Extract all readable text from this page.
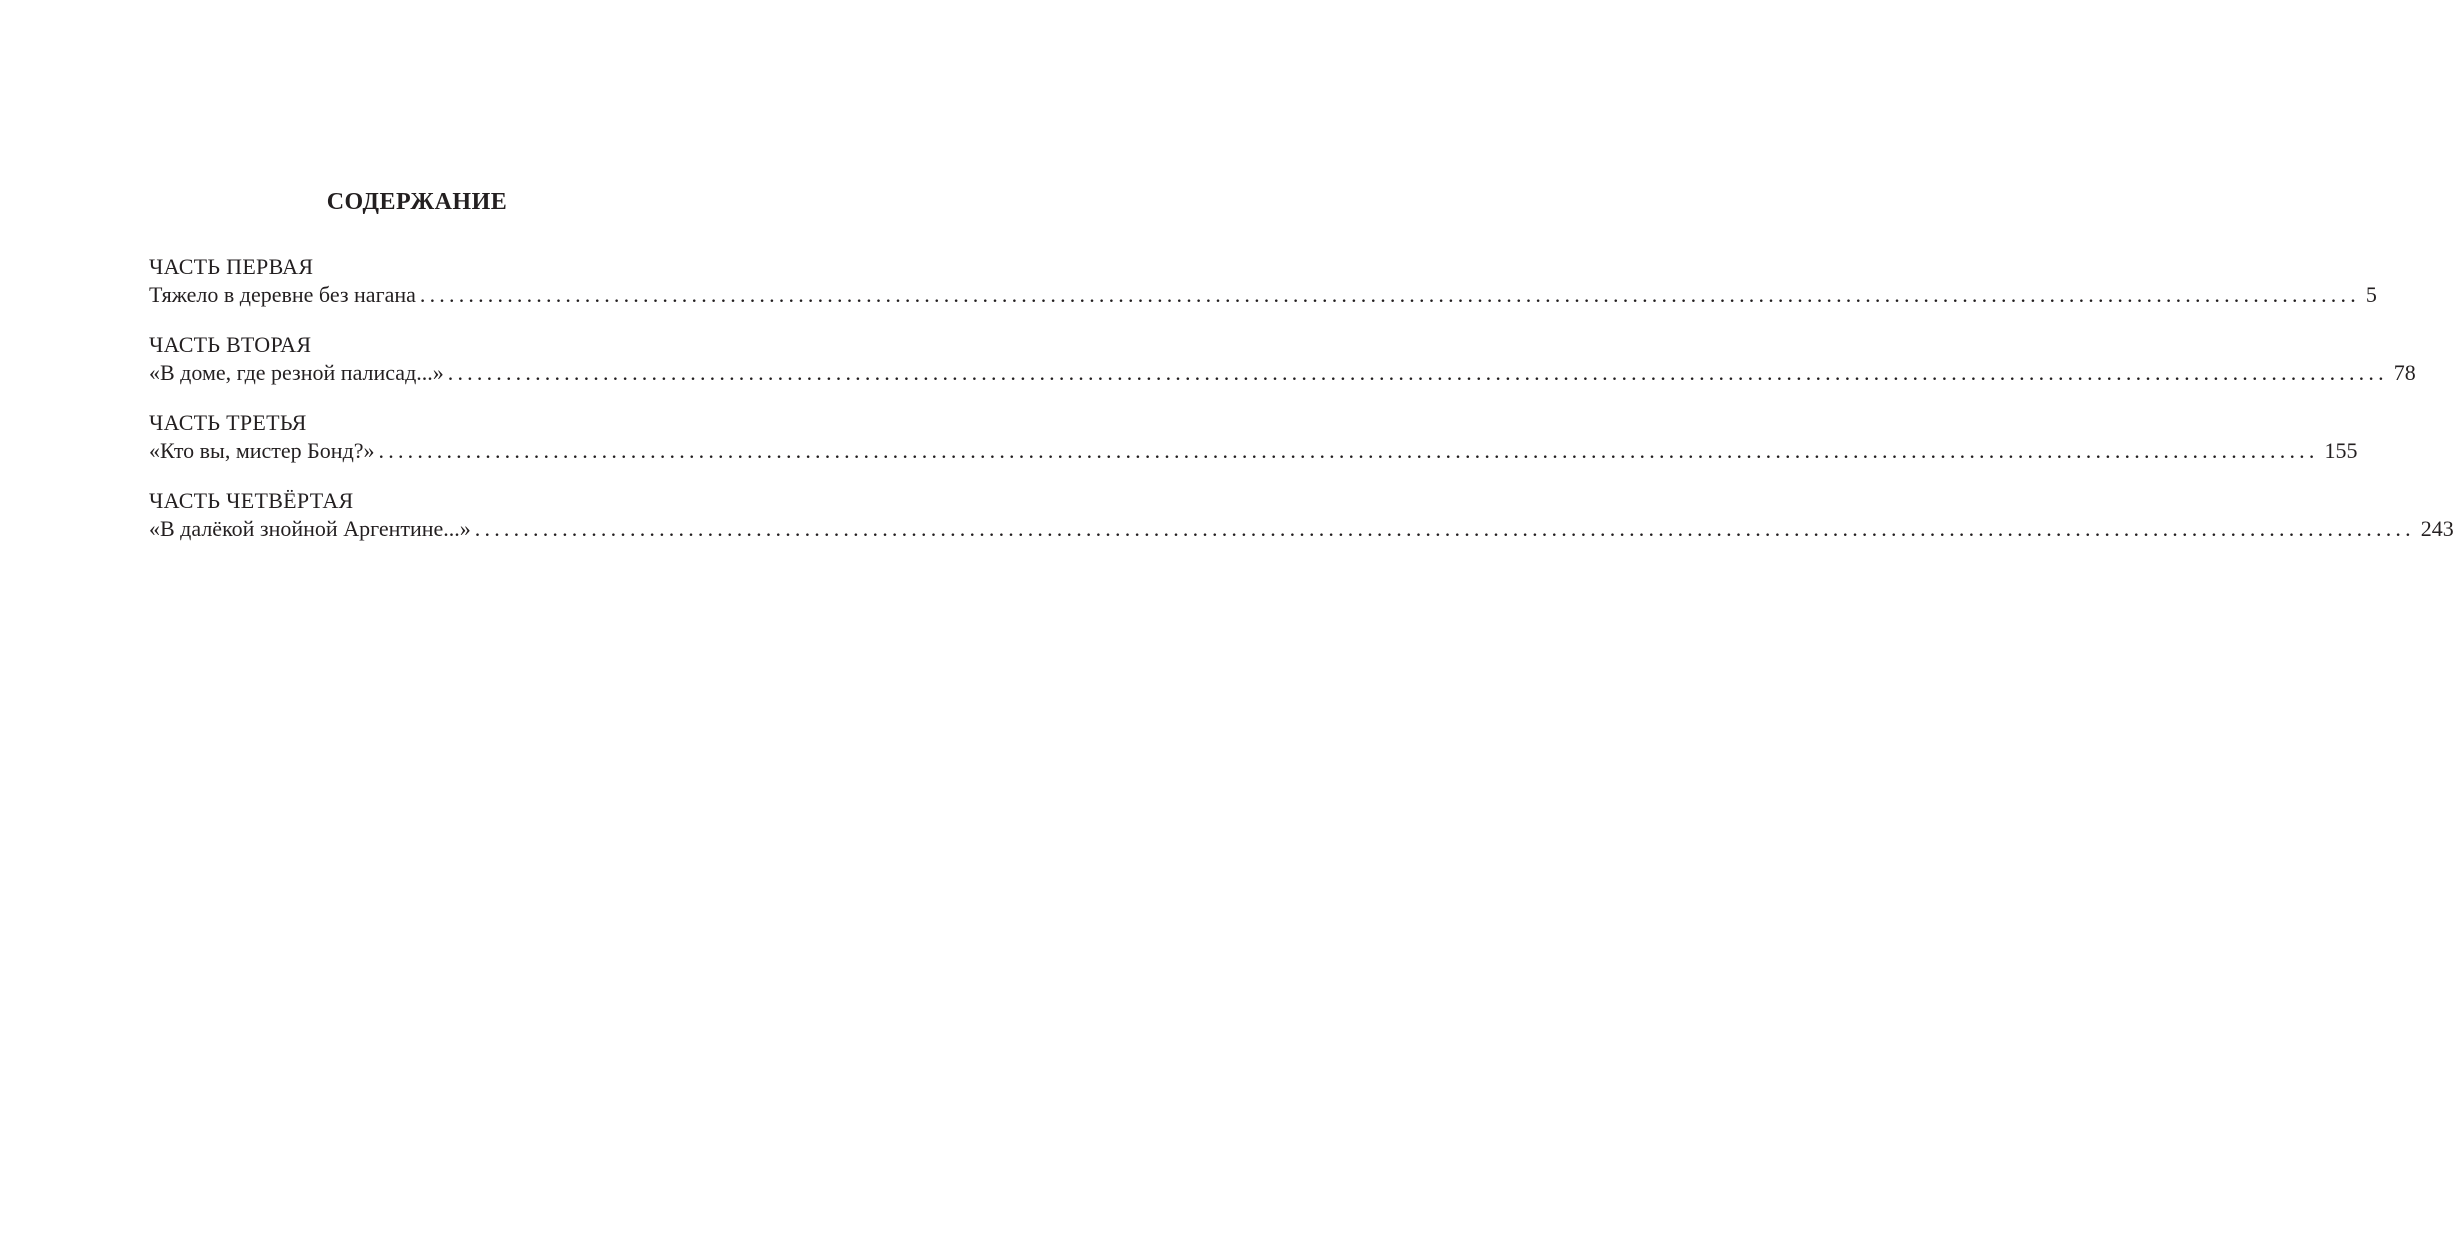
СОДЕРЖАНИЕ
ЧАСТЬ ПЕРВАЯ
Тяжело в деревне без нагана ........................................................................................................................................................................................................ 5
ЧАСТЬ ВТОРАЯ
«В доме, где резной палисад...» ........................................................................................................................................................................................................ 78
ЧАСТЬ ТРЕТЬЯ
«Кто вы, мистер Бонд?» ........................................................................................................................................................................................................ 155
ЧАСТЬ ЧЕТВЁРТАЯ
«В далёкой знойной Аргентине...» ........................................................................................................................................................................................................ 243
